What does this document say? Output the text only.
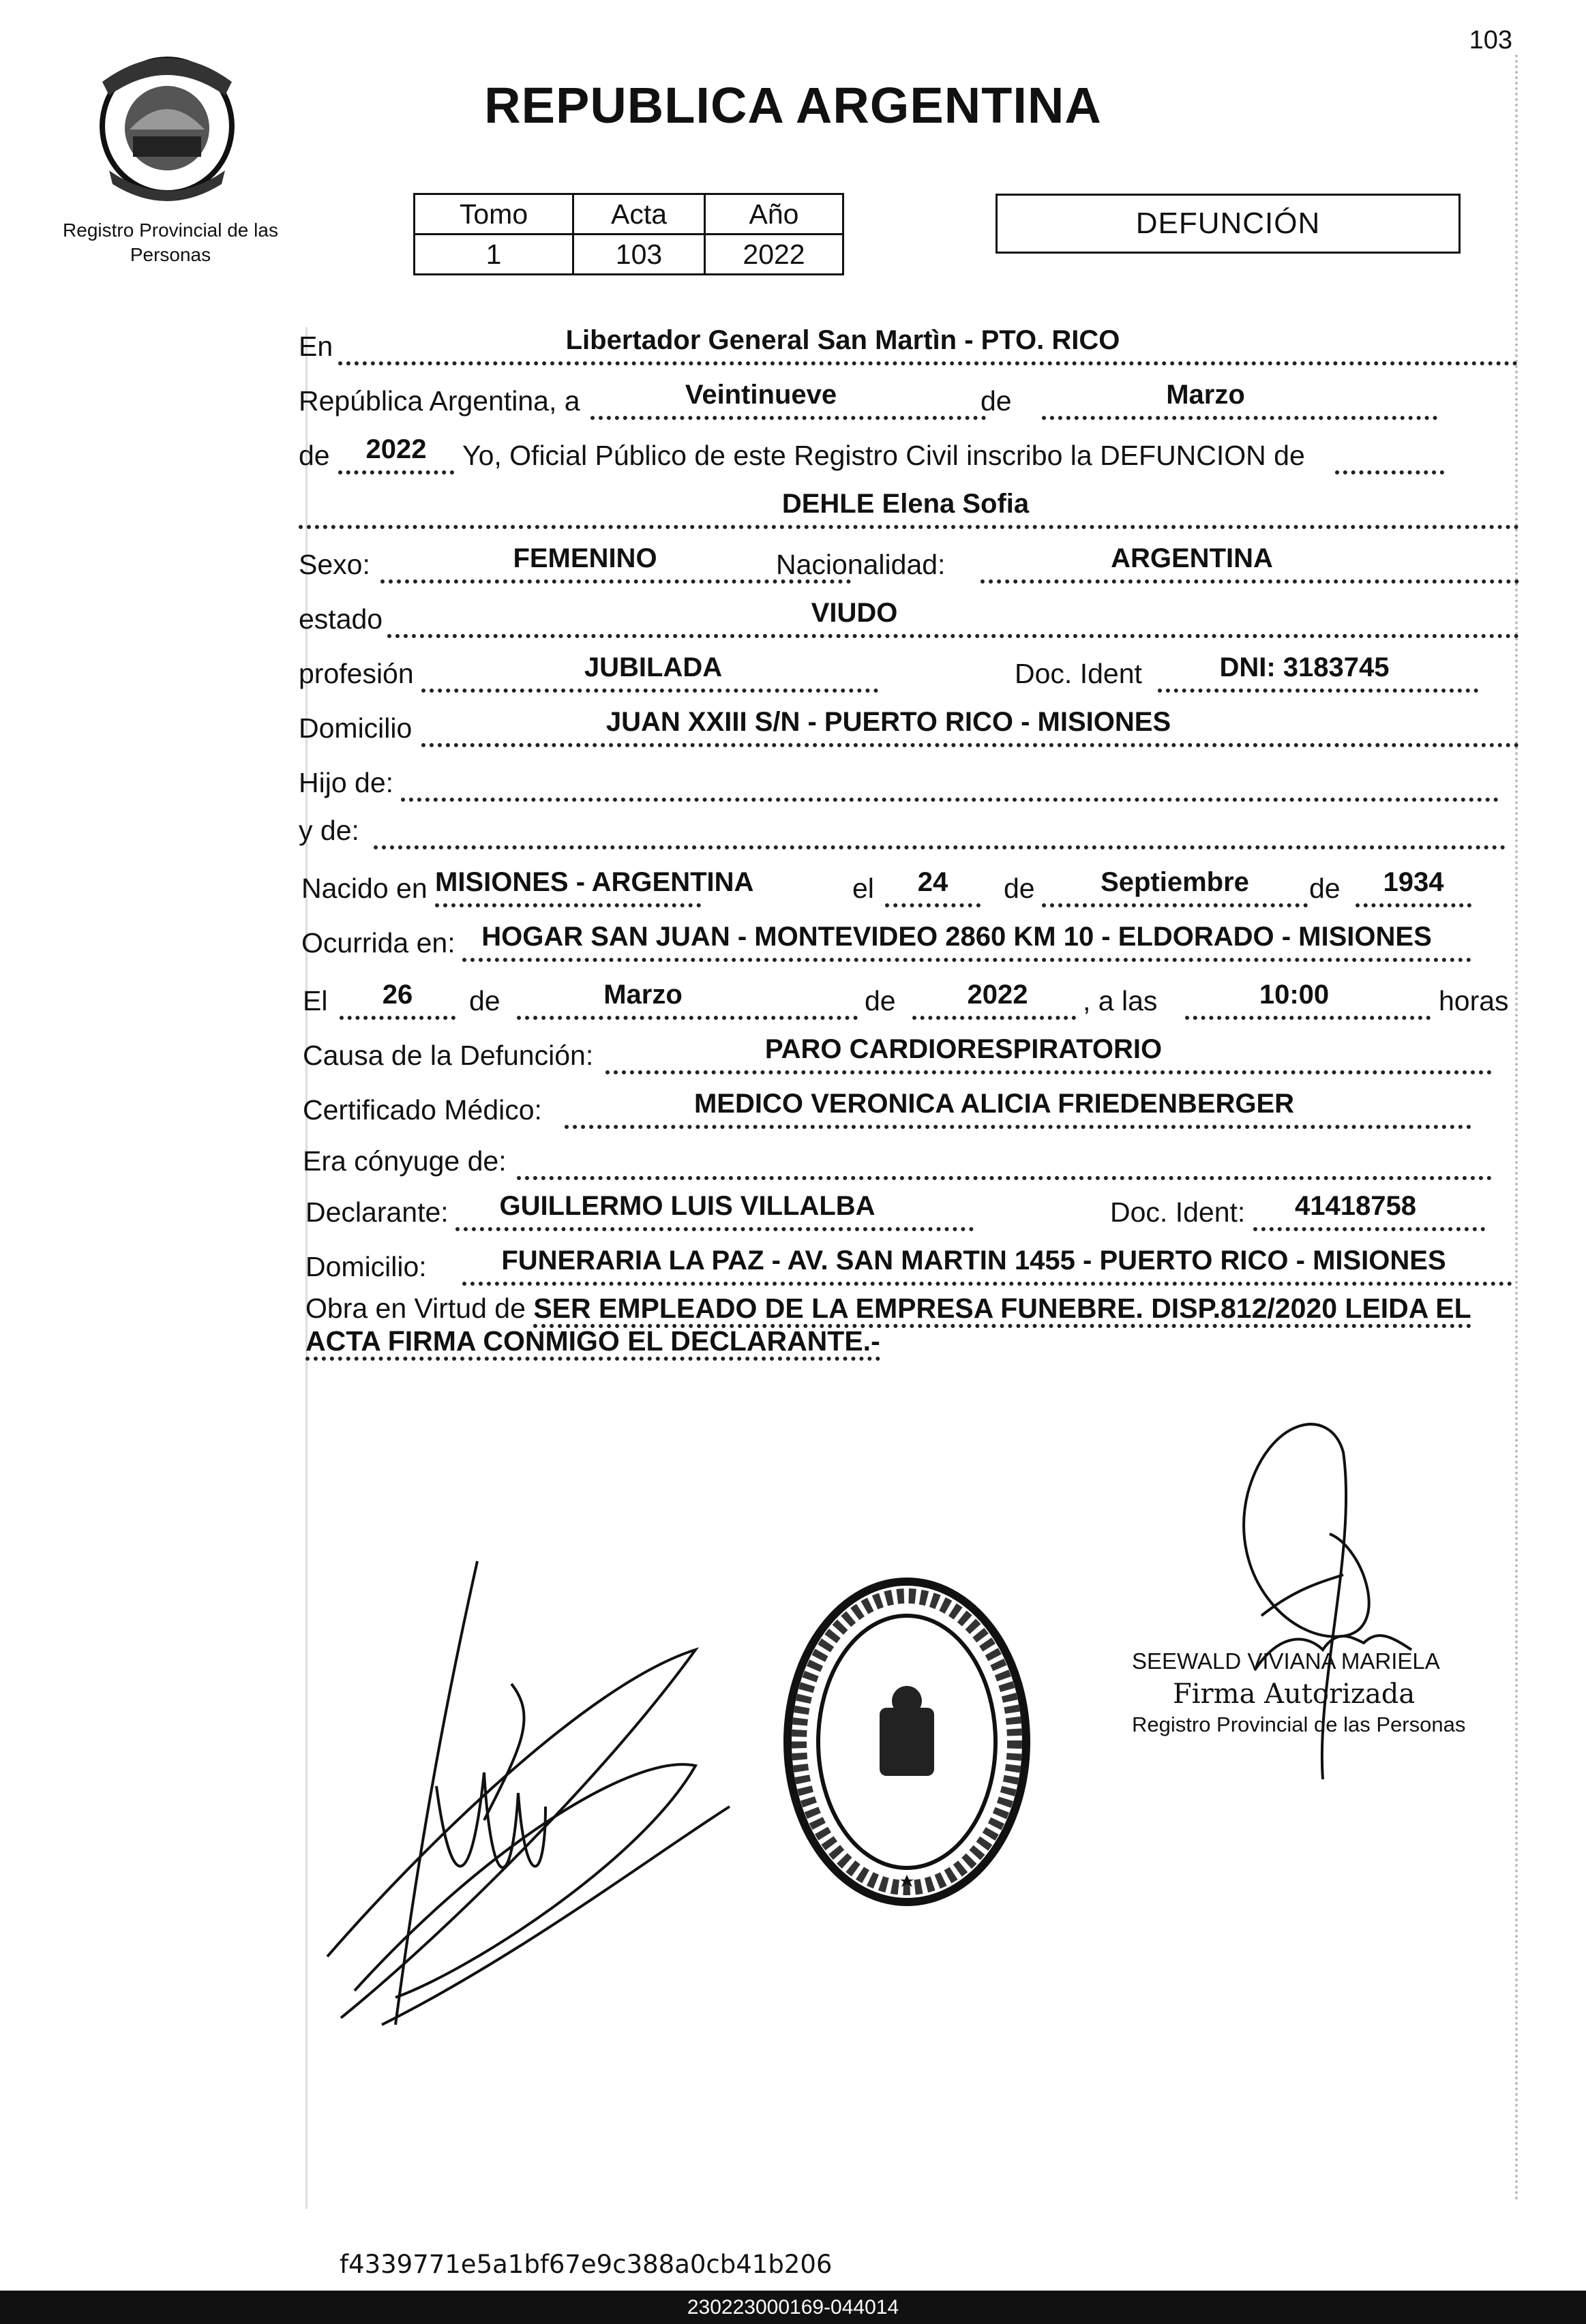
103
Registro Provincial de las Personas
REPUBLICA ARGENTINA
Tomo	Acta	Año
1	103	2022
DEFUNCIÓN
En	Libertador General San Martìn - PTO. RICO
República Argentina, a	Veintinueve	de	Marzo
de	2022	Yo, Oficial Público de este Registro Civil inscribo la DEFUNCION de
DEHLE Elena Sofia
Sexo:	FEMENINO	Nacionalidad:	ARGENTINA
estado	VIUDO
profesión	JUBILADA	Doc. Ident	DNI: 3183745
Domicilio	JUAN XXIII S/N - PUERTO RICO - MISIONES
Hijo de:
y de:
Nacido en MISIONES - ARGENTINA	el	24	de	Septiembre	de	1934
Ocurrida en: HOGAR SAN JUAN - MONTEVIDEO 2860 KM 10 - ELDORADO - MISIONES
El	26	de	Marzo	de	2022	, a las	10:00	horas
Causa de la Defunción:	PARO CARDIORESPIRATORIO
Certificado Médico:	MEDICO VERONICA ALICIA FRIEDENBERGER
Era cónyuge de:
Declarante:	GUILLERMO LUIS VILLALBA	Doc. Ident:	41418758
Domicilio:	FUNERARIA LA PAZ - AV. SAN MARTIN 1455 - PUERTO RICO - MISIONES
Obra en Virtud de SER EMPLEADO DE LA EMPRESA FUNEBRE. DISP.812/2020 LEIDA EL
ACTA FIRMA CONMIGO EL DECLARANTE.-
SEEWALD VIVIANA MARIELA
Firma Autorizada
Registro Provincial de las Personas
f4339771e5a1bf67e9c388a0cb41b206
230223000169-044014
